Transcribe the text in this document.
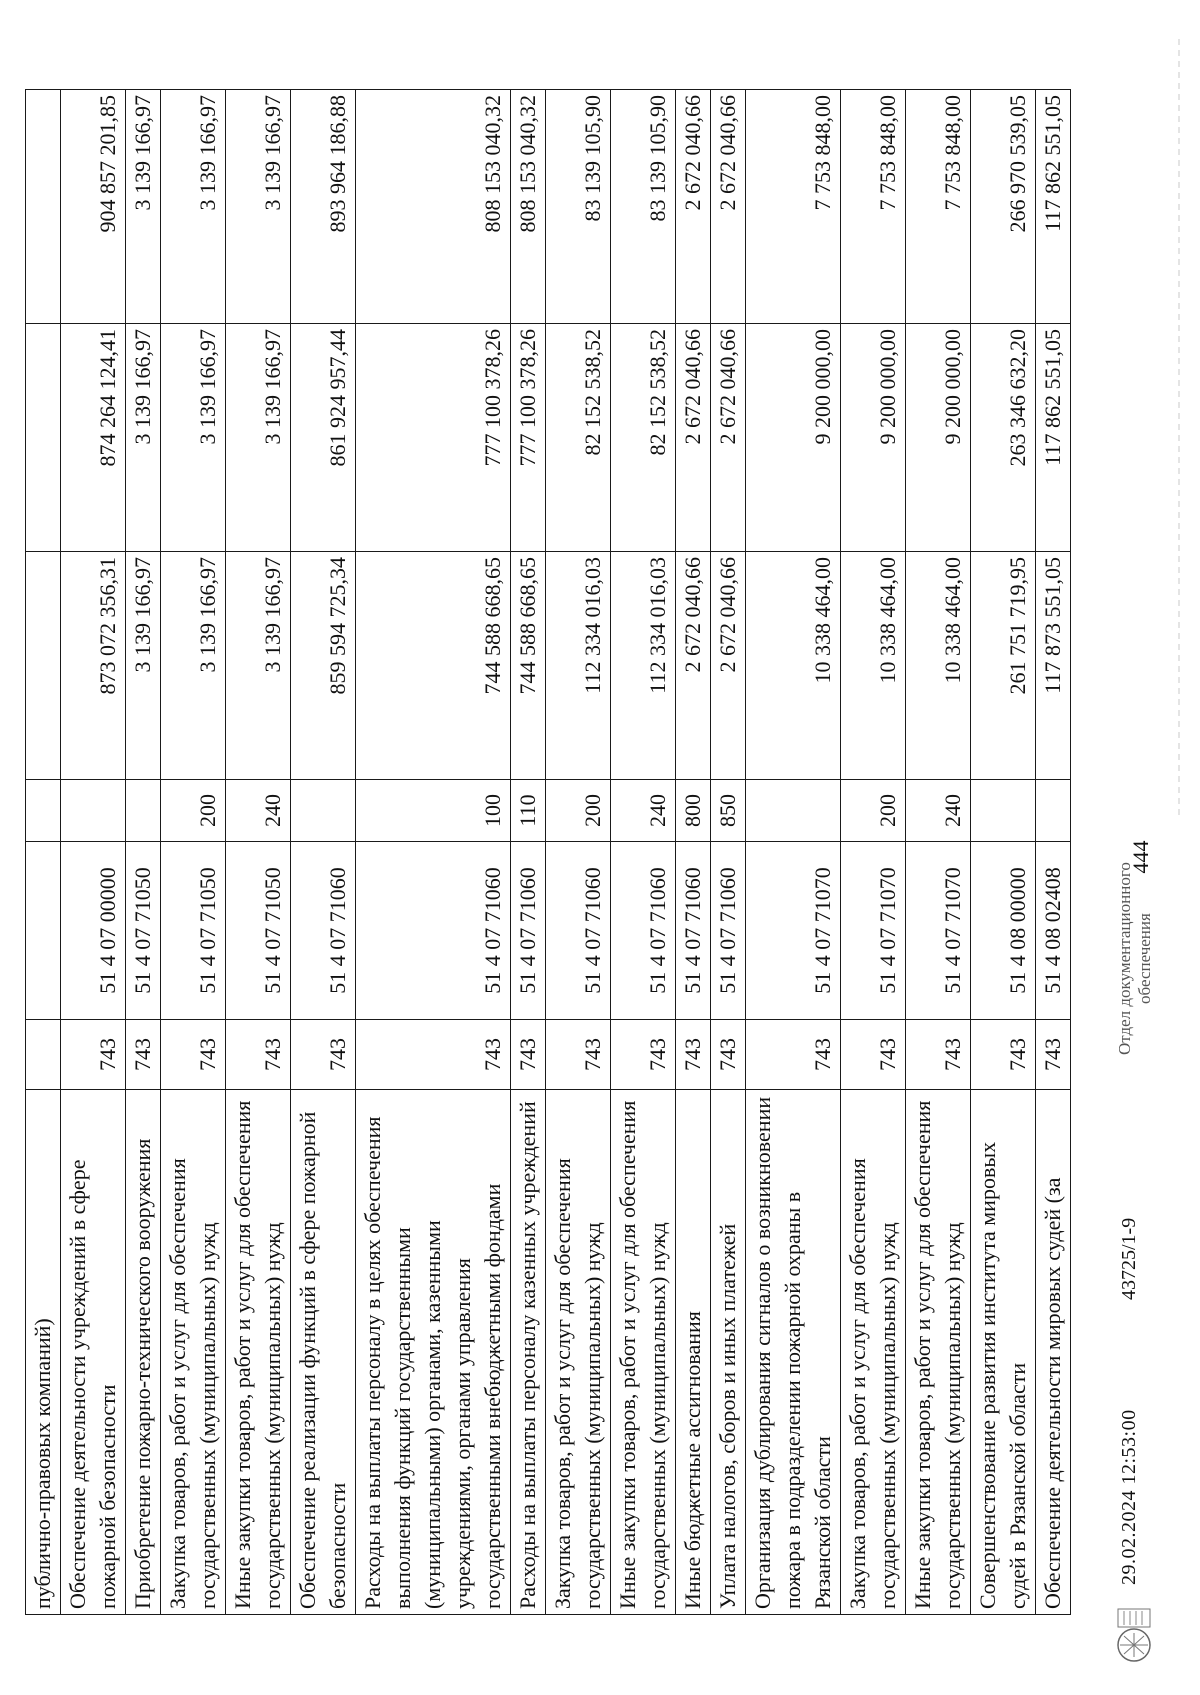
444
публично-правовых компаний)						
Обеспечение деятельности учреждений в сфере пожарной безопасности	743	51 4 07 00000		873 072 356,31	874 264 124,41	904 857 201,85
Приобретение пожарно-технического вооружения	743	51 4 07 71050		3 139 166,97	3 139 166,97	3 139 166,97
Закупка товаров, работ и услуг для обеспечения государственных (муниципальных) нужд	743	51 4 07 71050	200	3 139 166,97	3 139 166,97	3 139 166,97
Иные закупки товаров, работ и услуг для обеспечения государственных (муниципальных) нужд	743	51 4 07 71050	240	3 139 166,97	3 139 166,97	3 139 166,97
Обеспечение реализации функций в сфере пожарной безопасности	743	51 4 07 71060		859 594 725,34	861 924 957,44	893 964 186,88
Расходы на выплаты персоналу в целях обеспечения выполнения функций государственными (муниципальными) органами, казенными учреждениями, органами управления государственными внебюджетными фондами	743	51 4 07 71060	100	744 588 668,65	777 100 378,26	808 153 040,32
Расходы на выплаты персоналу казенных учреждений	743	51 4 07 71060	110	744 588 668,65	777 100 378,26	808 153 040,32
Закупка товаров, работ и услуг для обеспечения государственных (муниципальных) нужд	743	51 4 07 71060	200	112 334 016,03	82 152 538,52	83 139 105,90
Иные закупки товаров, работ и услуг для обеспечения государственных (муниципальных) нужд	743	51 4 07 71060	240	112 334 016,03	82 152 538,52	83 139 105,90
Иные бюджетные ассигнования	743	51 4 07 71060	800	2 672 040,66	2 672 040,66	2 672 040,66
Уплата налогов, сборов и иных платежей	743	51 4 07 71060	850	2 672 040,66	2 672 040,66	2 672 040,66
Организация дублирования сигналов о возникновении пожара в подразделении пожарной охраны в Рязанской области	743	51 4 07 71070		10 338 464,00	9 200 000,00	7 753 848,00
Закупка товаров, работ и услуг для обеспечения государственных (муниципальных) нужд	743	51 4 07 71070	200	10 338 464,00	9 200 000,00	7 753 848,00
Иные закупки товаров, работ и услуг для обеспечения государственных (муниципальных) нужд	743	51 4 07 71070	240	10 338 464,00	9 200 000,00	7 753 848,00
Совершенствование развития института мировых судей в Рязанской области	743	51 4 08 00000		261 751 719,95	263 346 632,20	266 970 539,05
Обеспечение деятельности мировых судей (за	743	51 4 08 02408		117 873 551,05	117 862 551,05	117 862 551,05
29.02.2024 12:53:00
43725/1-9
Отдел документационного обеспечения
